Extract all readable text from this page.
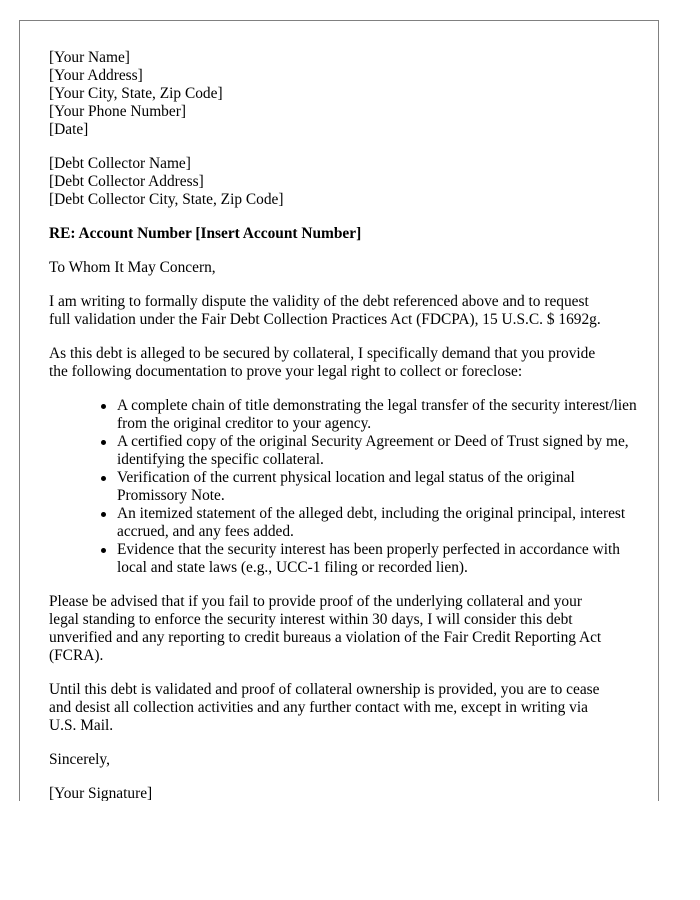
[Your Name]
[Your Address]
[Your City, State, Zip Code]
[Your Phone Number]
[Date]
[Debt Collector Name]
[Debt Collector Address]
[Debt Collector City, State, Zip Code]

RE: Account Number [Insert Account Number]

To Whom It May Concern,

I am writing to formally dispute the validity of the debt referenced above and to request
full validation under the Fair Debt Collection Practices Act (FDCPA), 15 U.S.C. $ 1692g.

As this debt is alleged to be secured by collateral, I specifically demand that you provide
the following documentation to prove your legal right to collect or foreclose:

A complete chain of title demonstrating the legal transfer of the security interest/lien
from the original creditor to your agency.
A certified copy of the original Security Agreement or Deed of Trust signed by me,
identifying the specific collateral.
Verification of the current physical location and legal status of the original
Promissory Note.
An itemized statement of the alleged debt, including the original principal, interest
accrued, and any fees added.
Evidence that the security interest has been properly perfected in accordance with
local and state laws (e.g., UCC-1 filing or recorded lien).

Please be advised that if you fail to provide proof of the underlying collateral and your
legal standing to enforce the security interest within 30 days, I will consider this debt
unverified and any reporting to credit bureaus a violation of the Fair Credit Reporting Act
(FCRA).

Until this debt is validated and proof of collateral ownership is provided, you are to cease
and desist all collection activities and any further contact with me, except in writing via
U.S. Mail.

Sincerely,

[Your Signature]
